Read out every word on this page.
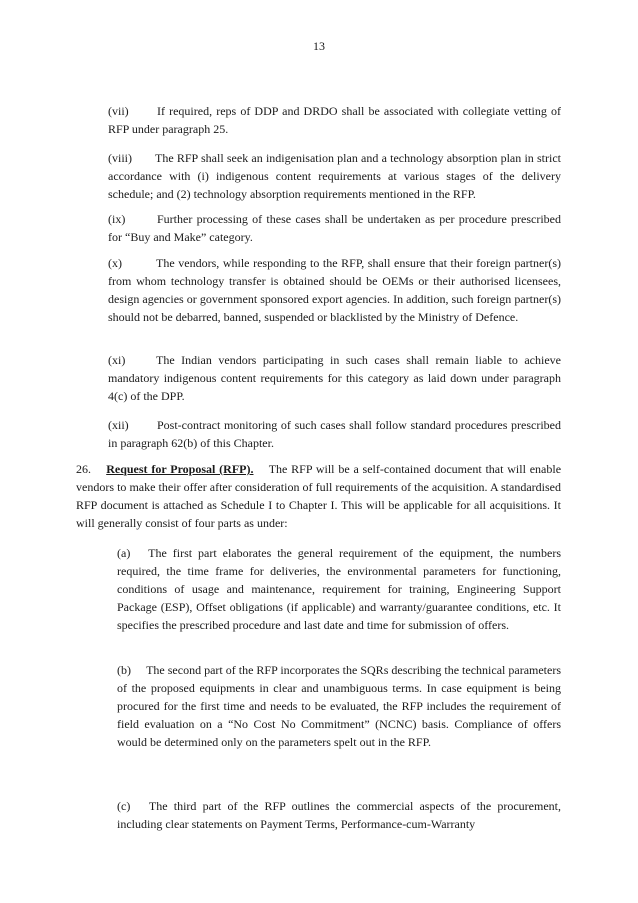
13

(vii) If required, reps of DDP and DRDO shall be associated with collegiate vetting of RFP under paragraph 25.

(viii) The RFP shall seek an indigenisation plan and a technology absorption plan in strict accordance with (i) indigenous content requirements at various stages of the delivery schedule; and (2) technology absorption requirements mentioned in the RFP.

(ix)	Further processing of these cases shall be undertaken as per procedure prescribed for “Buy and Make” category.

(x)	The vendors, while responding to the RFP, shall ensure that their foreign partner(s) from whom technology transfer is obtained should be OEMs or their authorised licensees, design agencies or government sponsored export agencies. In addition, such foreign partner(s) should not be debarred, banned, suspended or blacklisted by the Ministry of Defence.

(xi)	The Indian vendors participating in such cases shall remain liable to achieve mandatory indigenous content requirements for this category as laid down under paragraph 4(c) of the DPP.

(xii) Post-contract monitoring of such cases shall follow standard procedures prescribed in paragraph 62(b) of this Chapter.

26. Request for Proposal (RFP). The RFP will be a self-contained document that will enable vendors to make their offer after consideration of full requirements of the acquisition. A standardised RFP document is attached as Schedule I to Chapter I. This will be applicable for all acquisitions. It will generally consist of four parts as under:

(a) The first part elaborates the general requirement of the equipment, the numbers required, the time frame for deliveries, the environmental parameters for functioning, conditions of usage and maintenance, requirement for training, Engineering Support Package (ESP), Offset obligations (if applicable) and warranty/guarantee conditions, etc. It specifies the prescribed procedure and last date and time for submission of offers.

(b) The second part of the RFP incorporates the SQRs describing the technical parameters of the proposed equipments in clear and unambiguous terms. In case equipment is being procured for the first time and needs to be evaluated, the RFP includes the requirement of field evaluation on a “No Cost No Commitment” (NCNC) basis. Compliance of offers would be determined only on the parameters spelt out in the RFP.

(c) The third part of the RFP outlines the commercial aspects of the procurement, including clear statements on Payment Terms, Performance-cum-Warranty
